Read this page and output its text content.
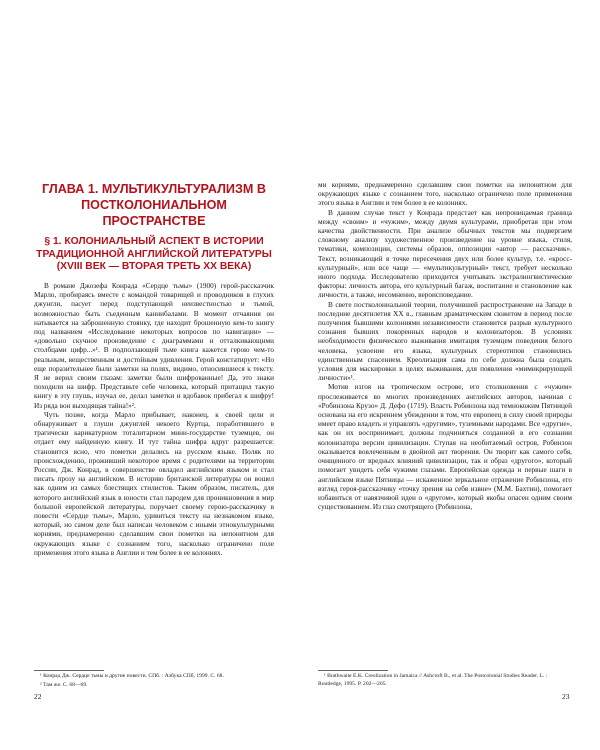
ГЛАВА 1. МУЛЬТИКУЛЬТУРАЛИЗМ В ПОСТКОЛОНИАЛЬНОМ ПРОСТРАНСТВЕ
§ 1. КОЛОНИАЛЬНЫЙ АСПЕКТ В ИСТОРИИ ТРАДИЦИОННОЙ АНГЛИЙСКОЙ ЛИТЕРАТУРЫ (XVIII ВЕК — ВТОРАЯ ТРЕТЬ XX ВЕКА)

В романе Джозефа Конрада «Сердце тьмы» (1900) герой-рассказчик Марло, пробираясь вместе с командой товарищей и проводников в глухих джунгли, пасует перед подступающей неизвестностью и тьмой, возможностью быть съеденным каннибалами. В момент отчаяния он натыкается на заброшенную стоянку, где находит брошенную кем-то книгу под названием «Исследование некоторых вопросов по навигации» — «довольно скучное произведение с диаграммами и отталкивающими столбцами цифр...»¹. В подползающей тьме книга кажется герою чем-то реальным, вещественным и достойным удивления. Герой констатирует: «Но еще поразительнее были заметки на полях, видимо, относившиеся к тексту. Я не верил своим глазам: заметки были шифрованные! Да, это знаки походили на шифр. Представьте себе человека, который притащил такую книгу в эту глушь, изучал ее, делал заметки и вдобавок прибегал к шифру! Из ряда вон выходящая тайна!»².

Чуть позже, когда Марло прибывает, наконец, к своей цели и обнаруживает в глуши джунглей некоего Куртца, поработившего в трагически карикатурном тоталитарном мини-государстве туземцев, он отдает ему найденную книгу. И тут тайна шифра вдруг разрешается: становится ясно, что пометки делались на русском языке. Поляк по происхождению, проживший некоторое время с родителями на территории России, Дж. Конрад, в совершенстве овладел английским языком и стал писать прозу на английском. В историю британской литературы он вошел как одним из самых блестящих стилистов. Таким образом, писатель, для которого английский язык в юности стал пародем для проникновения в мир большой европейской литературы, поручает своему герою-рассказчику в повести «Сердце тьмы», Марло, удивиться тексту на незнакомом языке, который, но самом деле был написан человеком с иными этнокультурными корнями, преднамеренно сделавшим свои пометки на непонятном для окружающих языке с сознанием того, насколько ограничено поле применения этого языка в Англии и тем более в ее колониях.

¹ Конрад Дж. Сердце тьмы и другие повести. СПб. : Азбука СПб, 1999. С. 68.

² Там же. С. 68—69.

22

ми корнями, преднамеренно сделавшим свои пометки на непонятном для окружающих языке с сознанием того, насколько ограничено поле применения этого языка в Англии и тем более в ее колониях.

В данном случае текст у Конрада предстает как непроницаемая граница между «своим» и «чужим», между двумя культурами, приобретая при этом качества двойственности. При анализе обычных текстов мы подвергаем сложному анализу художественное произведение на уровне языка, стиля, тематики, композиции, системы образов, оппозиции «автор — рассказчик». Текст, возникающий в точке пересечения двух или более культур, т.е. «кросс-культурный», или все чаще — «мультикультурный» текст, требует несколько иного подхода. Исследователю приходится учитывать экстралингвистические факторы: личность автора, его культурный багаж, воспитание и становление как личности, а также, несомненно, вероисповедание.

В свете постколониальной теории, получившей распространение на Западе в последние десятилетия XX в., главным драматическим сюжетом в период после получения бывшими колониями независимости становится разрыв культурного сознания бывших покоренных народов и колонизаторов. В условиях необходимости физического выживания имитация туземцем поведения белого человека, усвоение его языка, культурных стереотипов становились единственным спасением. Креолизация сама по себе должна была создать условия для маскировки в целях выживания, для появления «мимикрирующей личности»¹.

Мотив изгоя на тропическом острове, его столкновения с «чужим» прослеживается во многих произведениях английских авторов, начиная с «Робинзона Крузо» Д. Дефо (1719). Власть Робинзона над темнокожим Пятницей основана на его искреннем убеждении в том, что европеец в силу своей природы имеет право владеть и управлять «другими», туземными народами. Все «другие», как он их воспринимает, должны подчиняться созданной в его сознании колонизатора версии цивилизации. Ступая на необитаемый остров, Робинзон оказывается вовлеченным в двойной акт творения. Он творит как самого себя, очищенного от вредных влияний цивилизации, так и образ «другого», который помогает увидеть себя чужими глазами. Европейская одежда и первые шаги в английском языке Пятницы — искаженное зеркальное отражение Робинзона, его взгляд героя-рассказчику «точку зрения на себя извне» (М.М. Бахтин), помогает избавиться от навязчивой идеи о «другом», который якобы опасен одним своим существованием. Из глаз смотрящего (Робинзона,

¹ Brathwaite E.K. Creolization in Jamaica // Ashcroft B., et al. The Postcolonial Studies Reader. L. : Routledge, 1995. P. 202—205.

23
